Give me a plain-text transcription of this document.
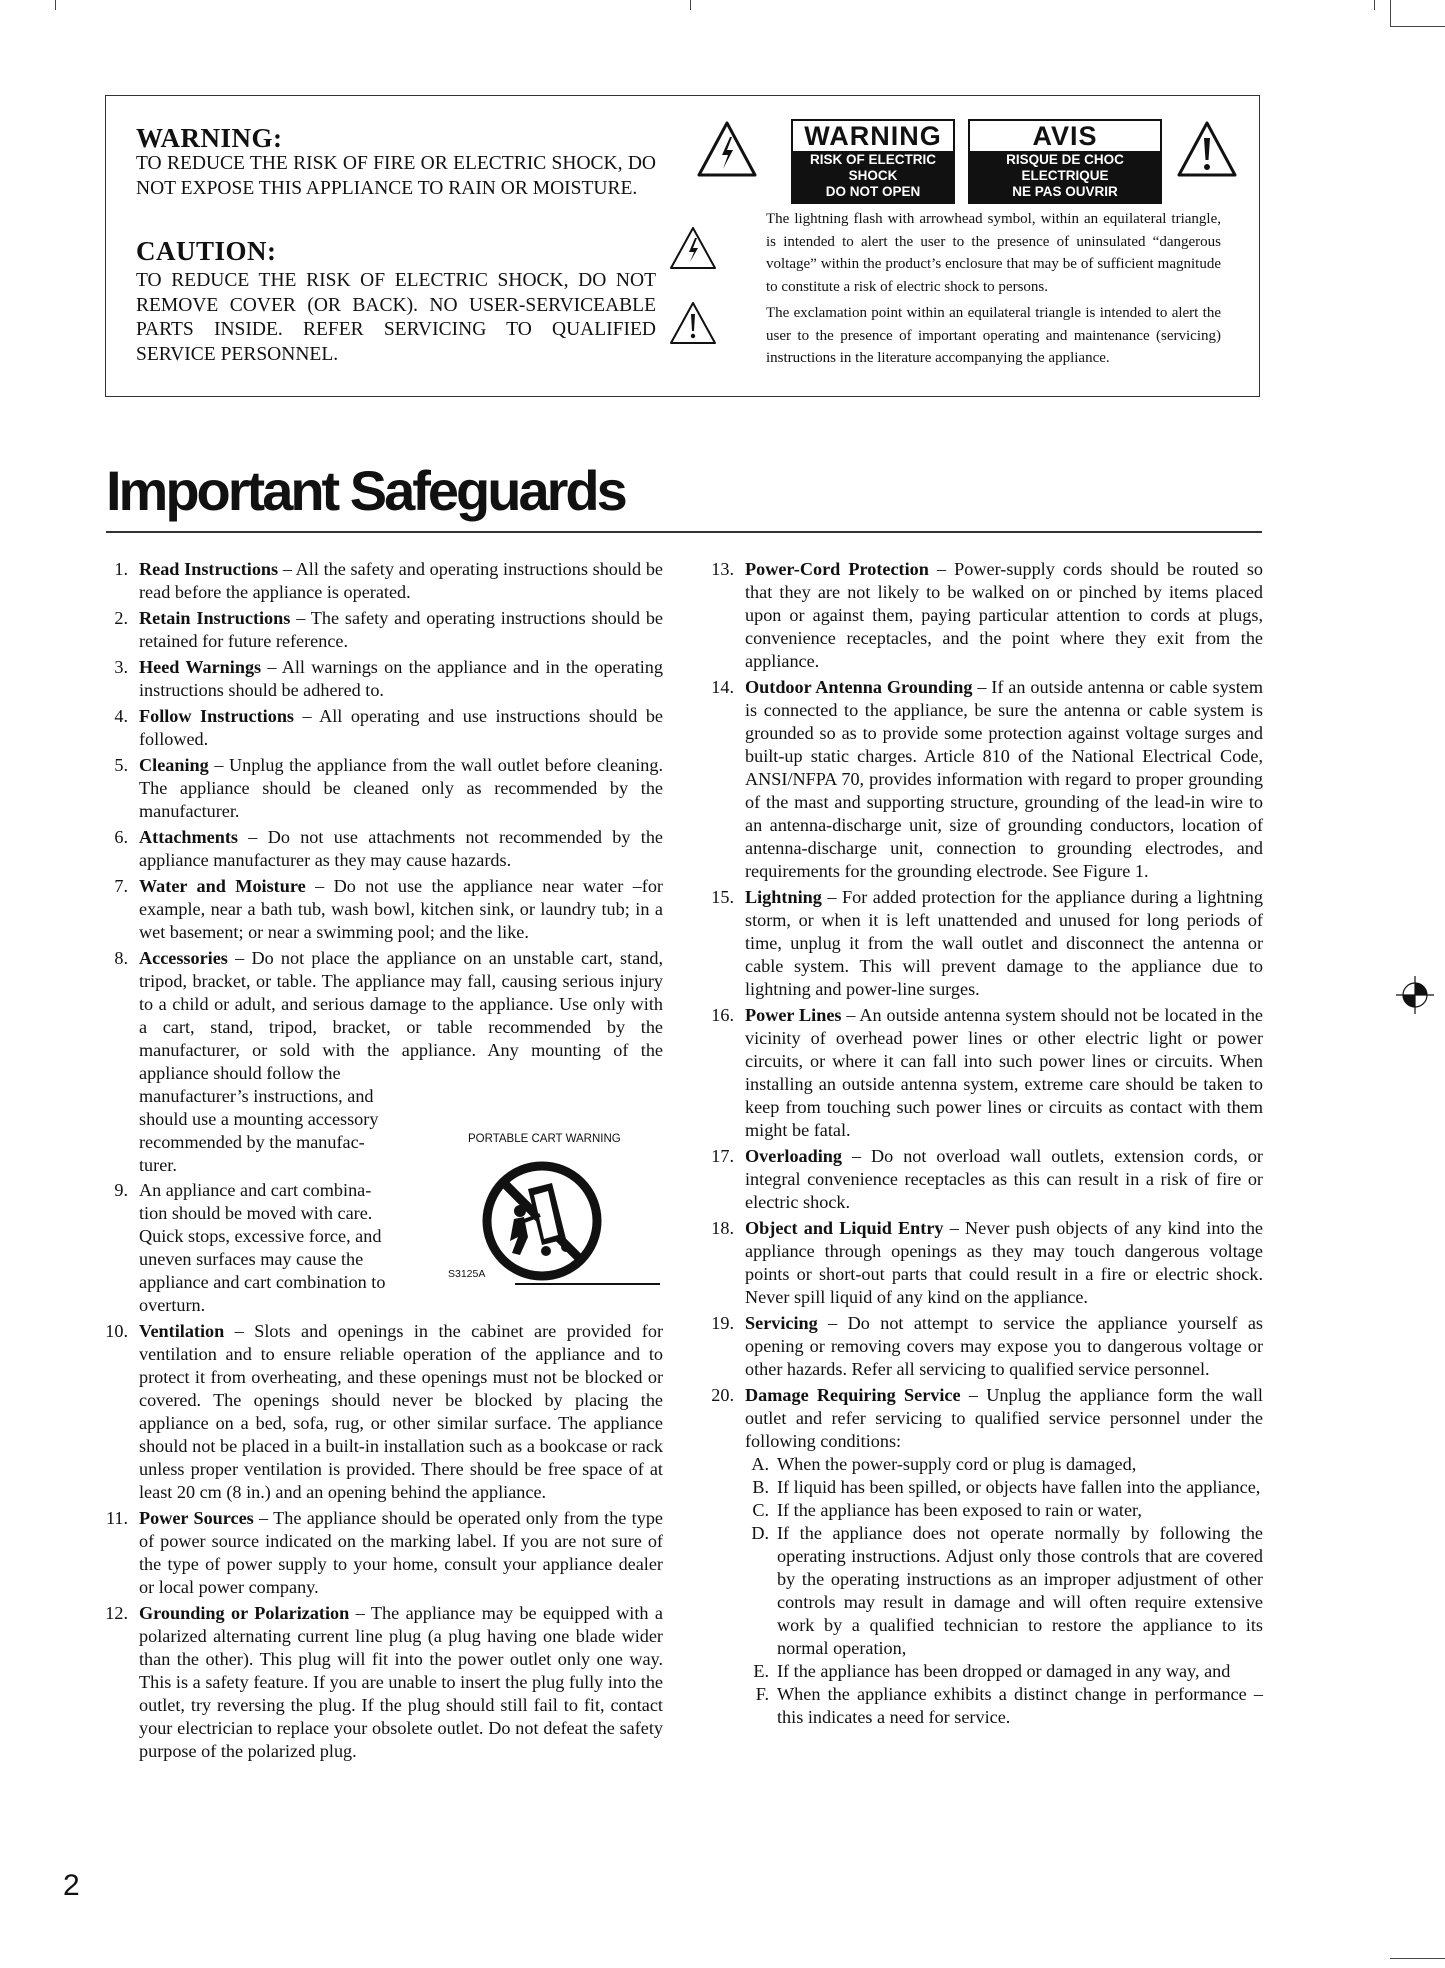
WARNING:
TO REDUCE THE RISK OF FIRE OR ELECTRIC SHOCK, DO NOT EXPOSE THIS APPLIANCE TO RAIN OR MOISTURE.
CAUTION:
TO REDUCE THE RISK OF ELECTRIC SHOCK, DO NOT REMOVE COVER (OR BACK). NO USER-SERVICEABLE PARTS INSIDE. REFER SERVICING TO QUALIFIED SERVICE PERSONNEL.
WARNING
RISK OF ELECTRIC SHOCK
DO NOT OPEN
AVIS
RISQUE DE CHOC ELECTRIQUE
NE PAS OUVRIR
The lightning flash with arrowhead symbol, within an equilateral triangle, is intended to alert the user to the presence of uninsulated “dangerous voltage” within the product’s enclosure that may be of sufficient magnitude to constitute a risk of electric shock to persons.
The exclamation point within an equilateral triangle is intended to alert the user to the presence of important operating and maintenance (servicing) instructions in the literature accompanying the appliance.
Important Safeguards
1. Read Instructions – All the safety and operating instructions should be read before the appliance is operated.
2. Retain Instructions – The safety and operating instructions should be retained for future reference.
3. Heed Warnings – All warnings on the appliance and in the operating instructions should be adhered to.
4. Follow Instructions – All operating and use instructions should be followed.
5. Cleaning – Unplug the appliance from the wall outlet before cleaning. The appliance should be cleaned only as recommended by the manufacturer.
6. Attachments – Do not use attachments not recommended by the appliance manufacturer as they may cause hazards.
7. Water and Moisture – Do not use the appliance near water –for example, near a bath tub, wash bowl, kitchen sink, or laundry tub; in a wet basement; or near a swimming pool; and the like.
8. Accessories – Do not place the appliance on an unstable cart, stand, tripod, bracket, or table. The appliance may fall, causing serious injury to a child or adult, and serious damage to the appliance. Use only with a cart, stand, tripod, bracket, or table recommended by the manufacturer, or sold with the appliance. Any mounting of the appliance should follow the
manufacturer’s instructions, and
should use a mounting accessory
recommended by the manufac-
turer.
9. An appliance and cart combina-
tion should be moved with care.
Quick stops, excessive force, and
uneven surfaces may cause the
appliance and cart combination to
overturn.
10. Ventilation – Slots and openings in the cabinet are provided for ventilation and to ensure reliable operation of the appliance and to protect it from overheating, and these openings must not be blocked or covered. The openings should never be blocked by placing the appliance on a bed, sofa, rug, or other similar surface. The appliance should not be placed in a built-in installation such as a bookcase or rack unless proper ventilation is provided. There should be free space of at least 20 cm (8 in.) and an opening behind the appliance.
11. Power Sources – The appliance should be operated only from the type of power source indicated on the marking label. If you are not sure of the type of power supply to your home, consult your appliance dealer or local power company.
12. Grounding or Polarization – The appliance may be equipped with a polarized alternating current line plug (a plug having one blade wider than the other). This plug will fit into the power outlet only one way. This is a safety feature. If you are unable to insert the plug fully into the outlet, try reversing the plug. If the plug should still fail to fit, contact your electrician to replace your obsolete outlet. Do not defeat the safety purpose of the polarized plug.
PORTABLE CART WARNING
S3125A
13. Power-Cord Protection – Power-supply cords should be routed so that they are not likely to be walked on or pinched by items placed upon or against them, paying particular attention to cords at plugs, convenience receptacles, and the point where they exit from the appliance.
14. Outdoor Antenna Grounding – If an outside antenna or cable system is connected to the appliance, be sure the antenna or cable system is grounded so as to provide some protection against voltage surges and built-up static charges. Article 810 of the National Electrical Code, ANSI/NFPA 70, provides information with regard to proper grounding of the mast and supporting structure, grounding of the lead-in wire to an antenna-discharge unit, size of grounding conductors, location of antenna-discharge unit, connection to grounding electrodes, and requirements for the grounding electrode. See Figure 1.
15. Lightning – For added protection for the appliance during a lightning storm, or when it is left unattended and unused for long periods of time, unplug it from the wall outlet and disconnect the antenna or cable system. This will prevent damage to the appliance due to lightning and power-line surges.
16. Power Lines – An outside antenna system should not be located in the vicinity of overhead power lines or other electric light or power circuits, or where it can fall into such power lines or circuits. When installing an outside antenna system, extreme care should be taken to keep from touching such power lines or circuits as contact with them might be fatal.
17. Overloading – Do not overload wall outlets, extension cords, or integral convenience receptacles as this can result in a risk of fire or electric shock.
18. Object and Liquid Entry – Never push objects of any kind into the appliance through openings as they may touch dangerous voltage points or short-out parts that could result in a fire or electric shock. Never spill liquid of any kind on the appliance.
19. Servicing – Do not attempt to service the appliance yourself as opening or removing covers may expose you to dangerous voltage or other hazards. Refer all servicing to qualified service personnel.
20. Damage Requiring Service – Unplug the appliance form the wall outlet and refer servicing to qualified service personnel under the following conditions:
A. When the power-supply cord or plug is damaged,
B. If liquid has been spilled, or objects have fallen into the appliance,
C. If the appliance has been exposed to rain or water,
D. If the appliance does not operate normally by following the operating instructions. Adjust only those controls that are covered by the operating instructions as an improper adjustment of other controls may result in damage and will often require extensive work by a qualified technician to restore the appliance to its normal operation,
E. If the appliance has been dropped or damaged in any way, and
F. When the appliance exhibits a distinct change in performance – this indicates a need for service.
2
